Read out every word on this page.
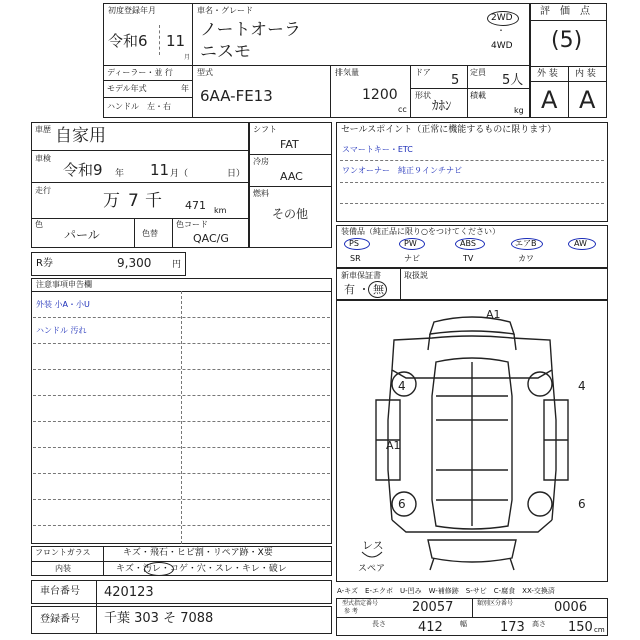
初度登録年月
令和6 11
月
車名・グレード
ノートオーラ
ニスモ
2WD
・
4WD
評　価　点
(5)
外 装 内 装
A A
ディーラー・並 行
モデル年式	年
ハンドル　左・右
型式
6AA-FE13
排気量
1200
cc
ドア
5
定員
5人
形状
ｶﾎﾝ
積載
kg
車歴 自家用
車検
令和9 年 11 月（	日）
走行
万 7 千 471 km
色
パール	色替
色コード
QAC/G
シフト
FAT
冷房
AAC
燃料
その他
セールスポイント（正常に機能するものに限ります）
スマートキー・ETC
ワンオーナー　純正９インチナビ
装備品（純正品に限り○をつけてください）
PS	PW	ABS	エアB	AW
SR	ナビ	TV	カワ
新車保証書
有 ・ 無
取扱説
R券	9,300 円
注意事項申告欄
外装 小A・小U
ハンドル 汚れ
A1
4	4
A1
6	6
レス
スペア
フロントガラス	キズ・飛石・ヒビ割・リペア跡・X要
内装	キズ・汚レ・コゲ・穴・スレ・キレ・破レ
A-キズ　E-エクボ　U-凹み　W-補修跡　S-サビ　C-腐食　XX-交換済
車台番号 420123
登録番号 千葉 303 そ 7088
型式指定番号	20057	類別区分番号	0006
参 考
長さ 412 幅	173 高さ 150 cm
